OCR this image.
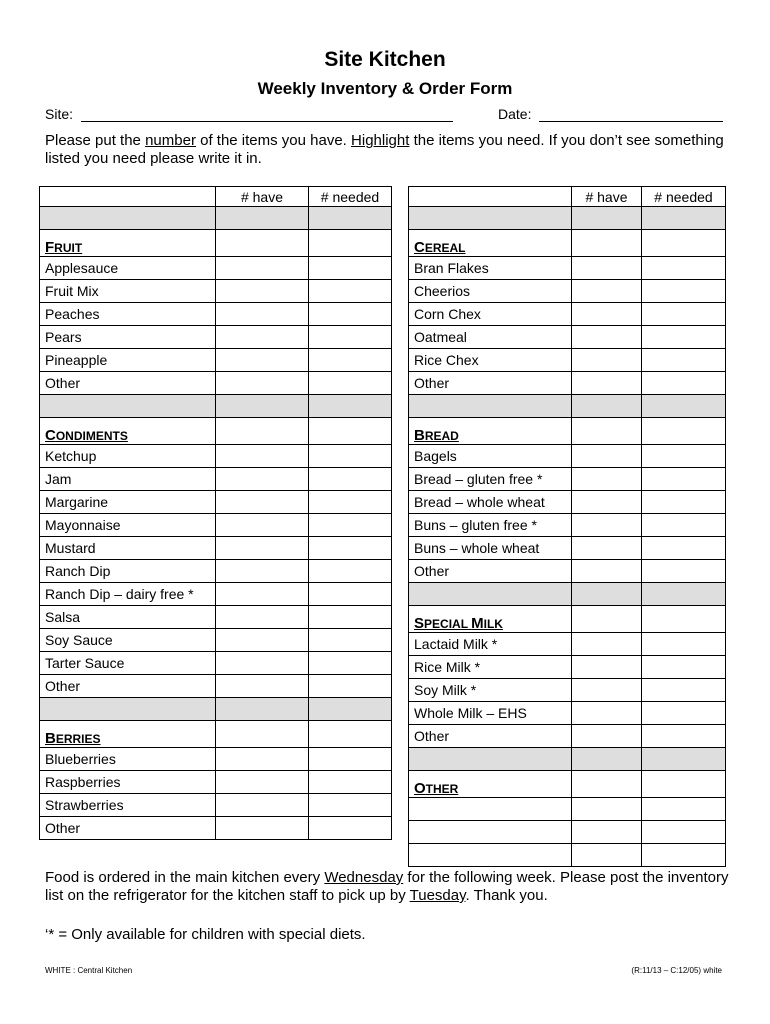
Site Kitchen
Weekly Inventory & Order Form
Site:	Date:
Please put the number of the items you have. Highlight the items you need. If you don’t see something listed you need please write it in.
	# have	# needed

FRUIT		
Applesauce		
Fruit Mix		
Peaches		
Pears		
Pineapple		
Other		

CONDIMENTS		
Ketchup		
Jam		
Margarine		
Mayonnaise		
Mustard		
Ranch Dip		
Ranch Dip – dairy free *		
Salsa		
Soy Sauce		
Tarter Sauce		
Other		

BERRIES		
Blueberries		
Raspberries		
Strawberries		
Other		
	# have	# needed

CEREAL		
Bran Flakes		
Cheerios		
Corn Chex		
Oatmeal		
Rice Chex		
Other		

BREAD		
Bagels		
Bread – gluten free *		
Bread – whole wheat		
Buns – gluten free *		
Buns – whole wheat		
Other		

SPECIAL MILK		
Lactaid Milk *		
Rice Milk *		
Soy Milk *		
Whole Milk – EHS		
Other		

OTHER		

Food is ordered in the main kitchen every Wednesday for the following week. Please post the inventory list on the refrigerator for the kitchen staff to pick up by Tuesday. Thank you.
‘* = Only available for children with special diets.
WHITE : Central Kitchen	(R:11/13 – C:12/05) white
